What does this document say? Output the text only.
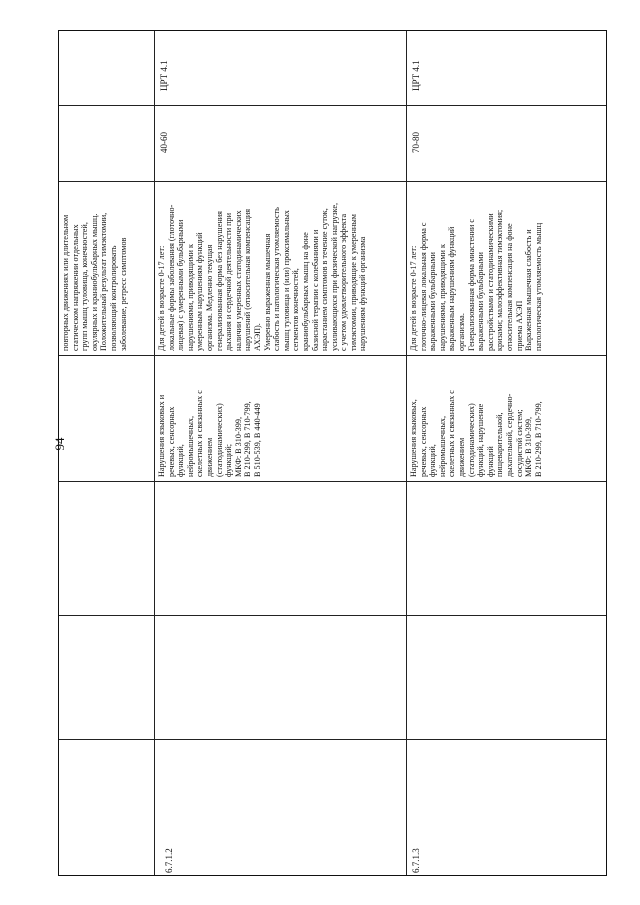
94
повторных движениях или длительном
статическом напряжении отдельных
групп мышц туловища, конечностей,
окулярных и краниобульбарных мышц.
Положительный результат тимэктомии,
позволяющий контролировать
заболевание, ретресс симптомов
6.7.1.2
Нарушения языковых и
речевых, сенсорных
функций,
нейромышечных,
скелетных и связанных с
движением
(статодинамических)
функций;
МКФ: В 310-399,
В 210-299, В 710-799,
В 510-539, В 440-449
Для детей в возрасте 0-17 лет:
локальные формы заболевания (глоточно-
лицевая) с умеренными бульбарными
нарушениями, приводящими к
умеренным нарушениям функций
организма. Медленно текущая
генерализованная форма без нарушения
дыхания и сердечной деятельности при
наличии умеренных статодинамических
нарушений (относительная компенсация
АХЭП).
Умеренно выраженная мышечная
слабость и патологическая утомляемость
мышц туловища и (или) проксимальных
сегментов конечностей,
краниобульбарных мышц на фоне
базисной терапии с колебаниями и
нарастанием симптомов в течение суток,
усиливающихся при физической нагрузке,
с учетом удовлетворительного эффекта
тимэктомии, приводящие к умеренным
нарушениям функций организма
40-60
ЦРТ 4.1
6.7.1.3
Нарушения языковых,
речевых, сенсорных
функций,
нейромышечных,
скелетных и связанных с
движением
(статодинамических)
функций, нарушение
функций
пищеварительной,
дыхательной, сердечно-
сосудистой систем;
МКФ: В 310-399,
В 210-299, В 710-799,
Для детей в возрасте 0-17 лет:
глоточно-лицевая локальная форма с
выраженными бульбарными
нарушениями, приводящими к
выраженным нарушениям функций
организма.
Генерализованная форма миастении с
выраженными бульбарными
расстройствами и статодинамическими
кризами; малоэффективная тимэктомия;
относительная компенсация на фоне
приема АХЭП
Выраженная мышечная слабость и
патологическая утомляемость мышц
70-80
ЦРТ 4.1
